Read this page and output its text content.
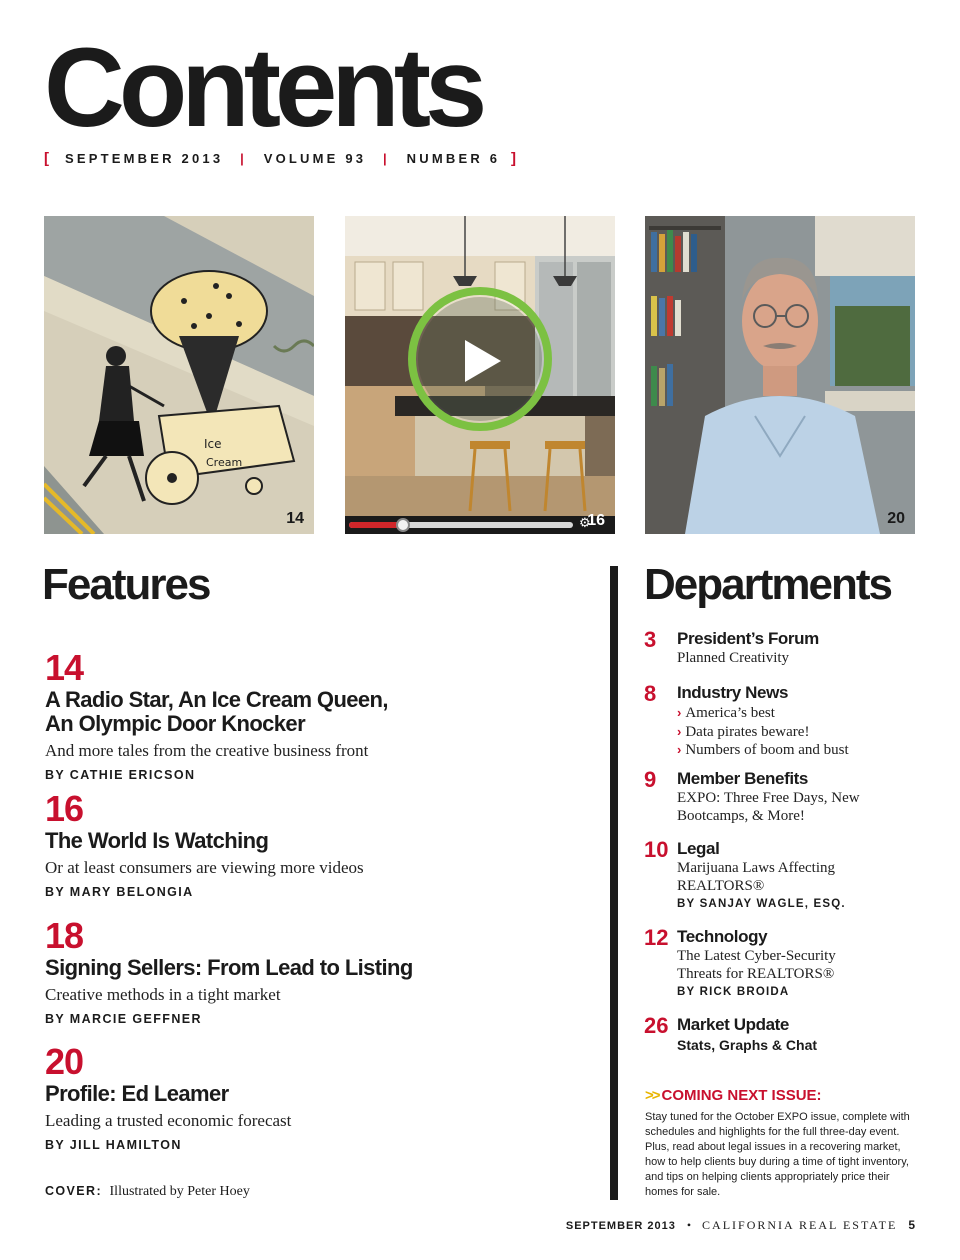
Contents
[ SEPTEMBER 2013 | VOLUME 93 | NUMBER 6 ]
Ice
Cream
14	⚙
16	20
Features
14
A Radio Star, An Ice Cream Queen,
An Olympic Door Knocker
And more tales from the creative business front
BY CATHIE ERICSON
16
The World Is Watching
Or at least consumers are viewing more videos
BY MARY BELONGIA
18
Signing Sellers: From Lead to Listing
Creative methods in a tight market
BY MARCIE GEFFNER
20
Profile: Ed Leamer
Leading a trusted economic forecast
BY JILL HAMILTON
COVER: Illustrated by Peter Hoey
Departments
3 President’s Forum
Planned Creativity
8 Industry News
› America’s best
› Data pirates beware!
› Numbers of boom and bust
9 Member Benefits
EXPO: Three Free Days, New
Bootcamps, & More!
10 Legal
Marijuana Laws Affecting
REALTORS®
BY SANJAY WAGLE, ESQ.
12 Technology
The Latest Cyber-Security
Threats for REALTORS®
BY RICK BROIDA
26 Market Update
Stats, Graphs & Chat
>> COMING NEXT ISSUE:
Stay tuned for the October EXPO issue, complete with schedules and highlights for the full three-day event. Plus, read about legal issues in a recovering market, how to help clients buy during a time of tight inventory, and tips on helping clients appropriately price their homes for sale.
SEPTEMBER 2013 • CALIFORNIA REAL ESTATE 5
